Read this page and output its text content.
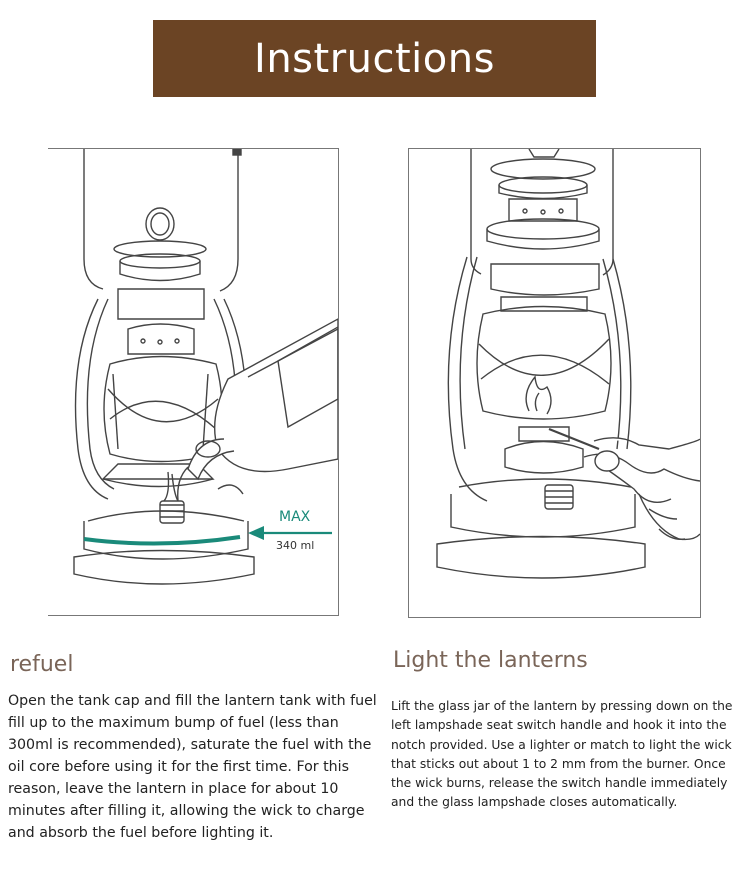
Instructions
MAX
340 ml
refuel
Open the tank cap and fill the lantern tank with fuel fill up to the maximum bump of fuel (less than 300ml is recommended), saturate the fuel with the oil core before using it for the first time. For this reason, leave the lantern in place for about 10 minutes after filling it, allowing the wick to charge and absorb the fuel before lighting it.
Light the lanterns
Lift the glass jar of the lantern by pressing down on the left lampshade seat switch handle and hook it into the notch provided. Use a lighter or match to light the wick that sticks out about 1 to 2 mm from the burner. Once the wick burns, release the switch handle immediately and the glass lampshade closes automatically.
